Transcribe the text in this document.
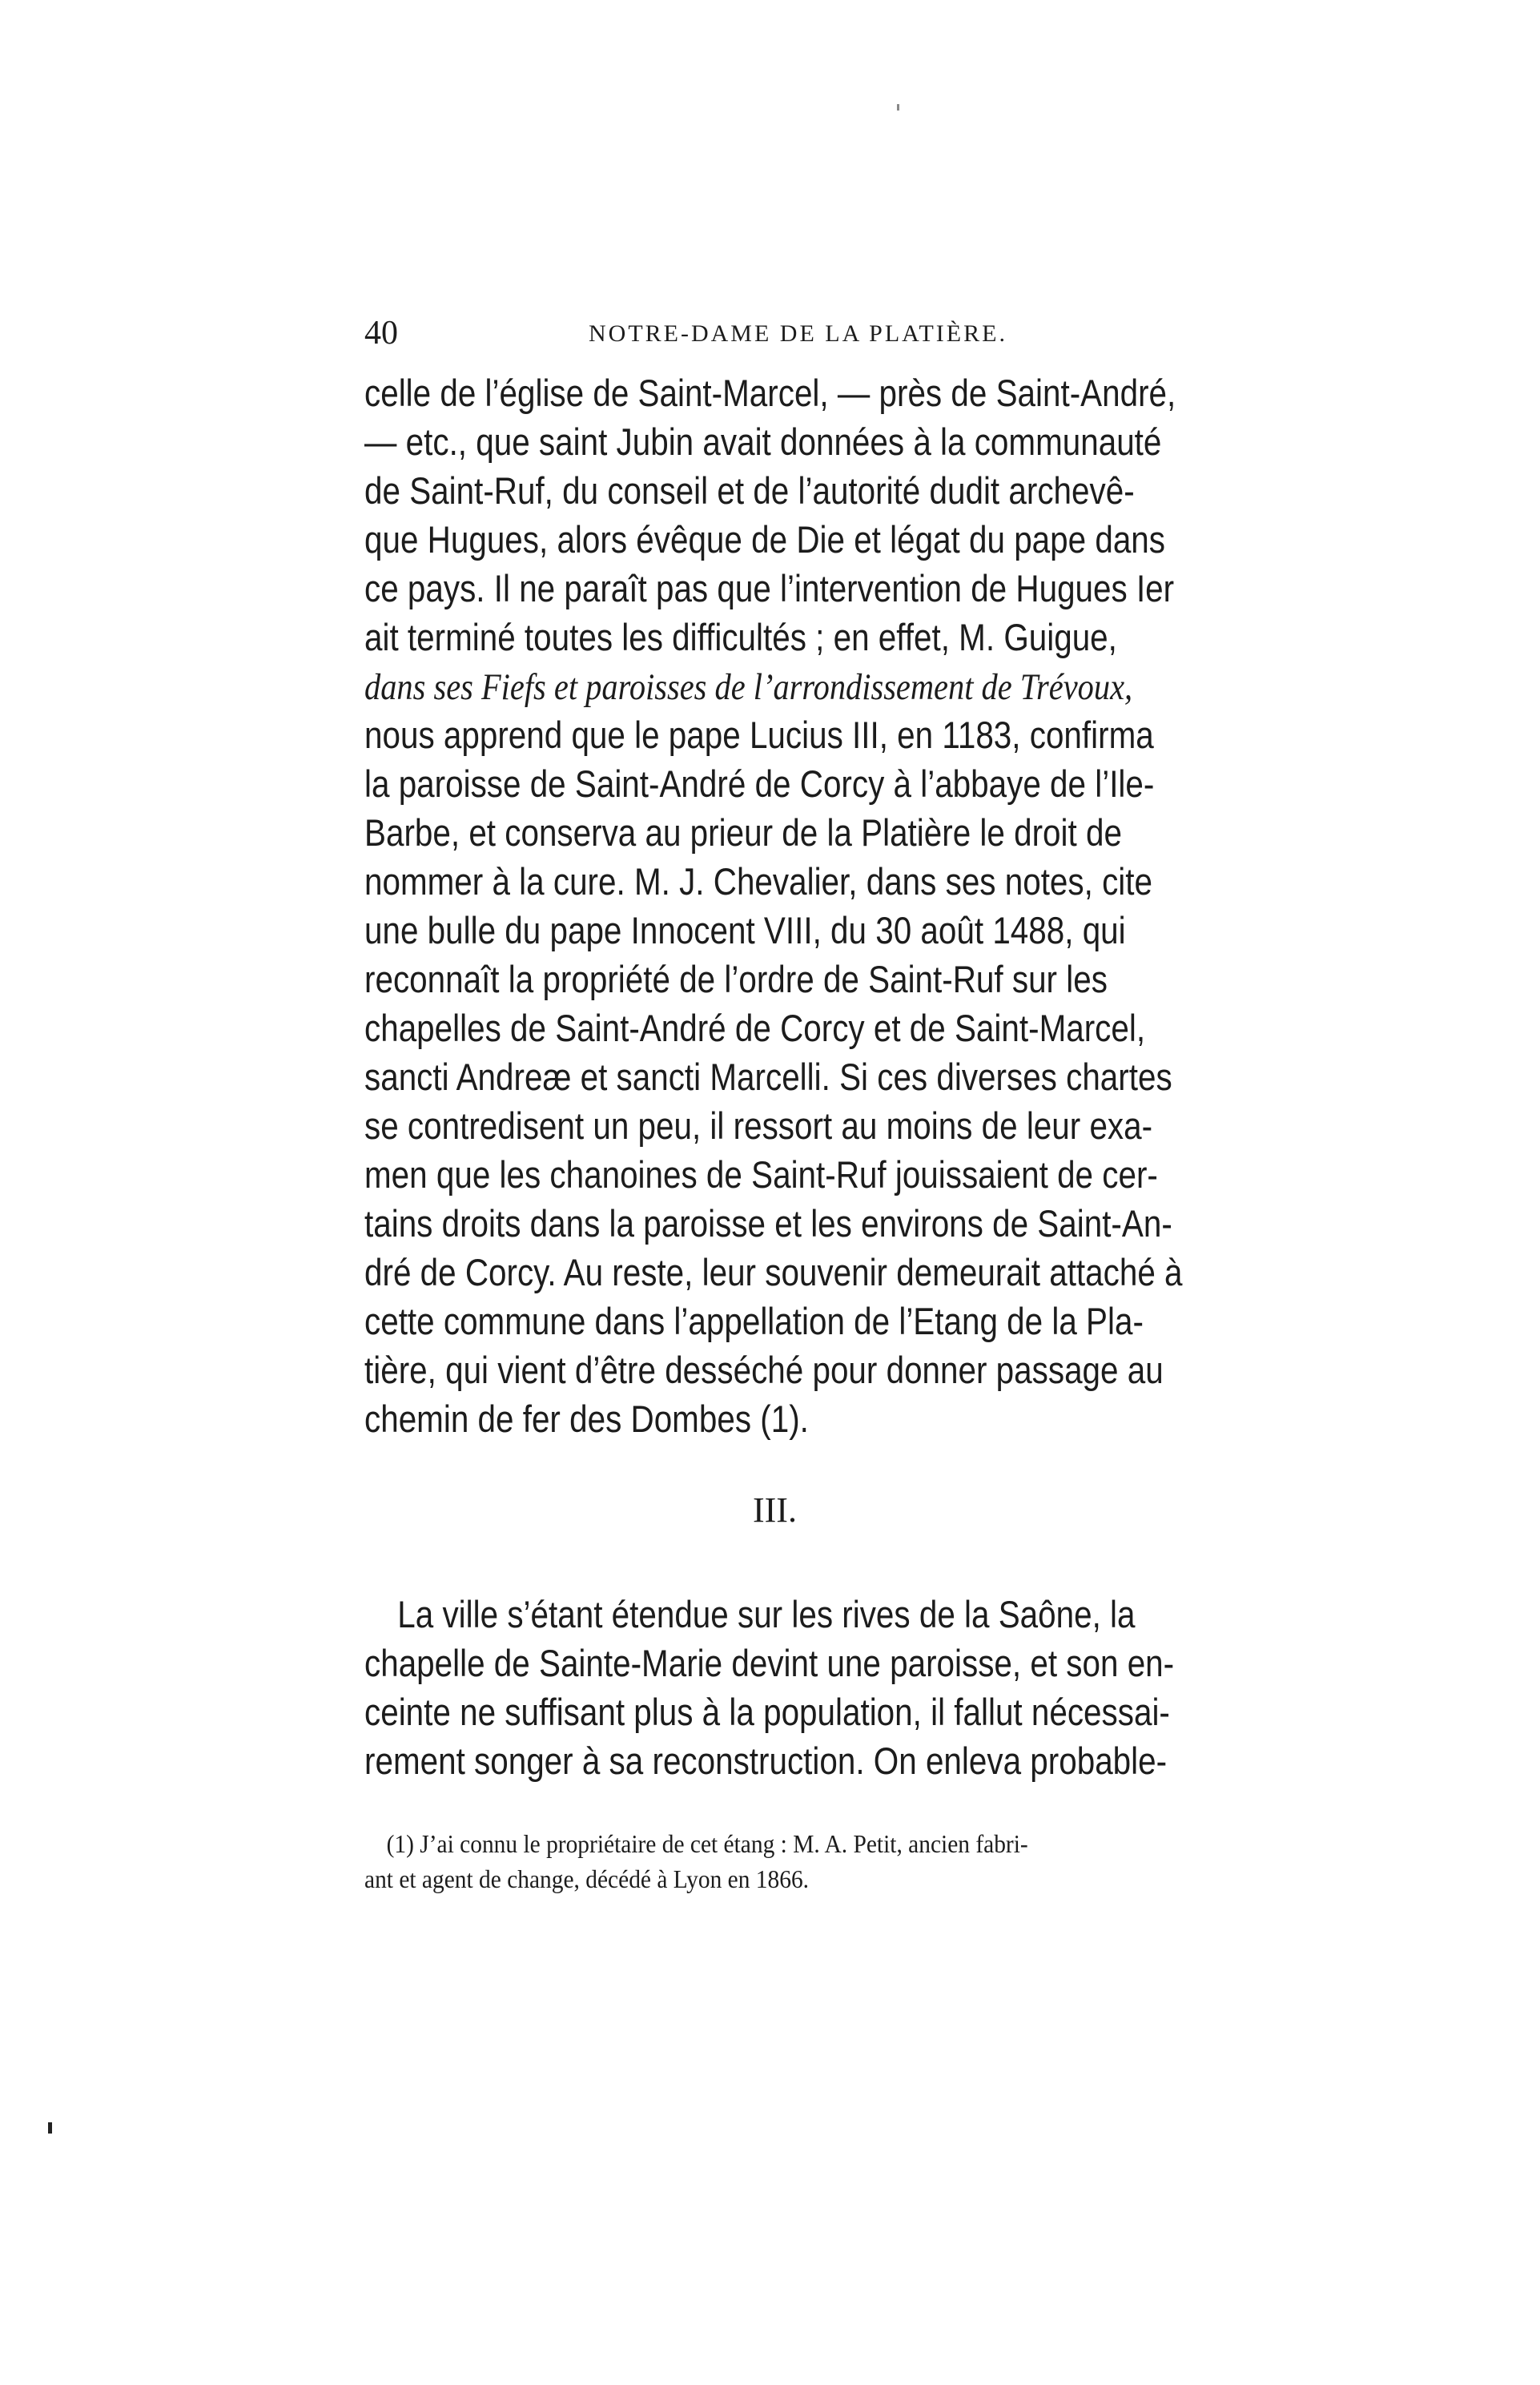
40	NOTRE-DAME DE LA PLATIÈRE.
celle de l’église de Saint-Marcel, — près de Saint-André,
— etc., que saint Jubin avait données à la communauté
de Saint-Ruf, du conseil et de l’autorité dudit archevê-
que Hugues, alors évêque de Die et légat du pape dans
ce pays. Il ne paraît pas que l’intervention de Hugues Ier
ait terminé toutes les difficultés ; en effet, M. Guigue,
dans ses Fiefs et paroisses de l’arrondissement de Trévoux,
nous apprend que le pape Lucius III, en 1183, confirma
la paroisse de Saint-André de Corcy à l’abbaye de l’Ile-
Barbe, et conserva au prieur de la Platière le droit de
nommer à la cure. M. J. Chevalier, dans ses notes, cite
une bulle du pape Innocent VIII, du 30 août 1488, qui
reconnaît la propriété de l’ordre de Saint-Ruf sur les
chapelles de Saint-André de Corcy et de Saint-Marcel,
sancti Andreæ et sancti Marcelli. Si ces diverses chartes
se contredisent un peu, il ressort au moins de leur exa-
men que les chanoines de Saint-Ruf jouissaient de cer-
tains droits dans la paroisse et les environs de Saint-An-
dré de Corcy. Au reste, leur souvenir demeurait attaché à
cette commune dans l’appellation de l’Etang de la Pla-
tière, qui vient d’être desséché pour donner passage au
chemin de fer des Dombes (1).
III.
La ville s’étant étendue sur les rives de la Saône, la
chapelle de Sainte-Marie devint une paroisse, et son en-
ceinte ne suffisant plus à la population, il fallut nécessai-
rement songer à sa reconstruction. On enleva probable-
(1) J’ai connu le propriétaire de cet étang : M. A. Petit, ancien fabri-
ant et agent de change, décédé à Lyon en 1866.
